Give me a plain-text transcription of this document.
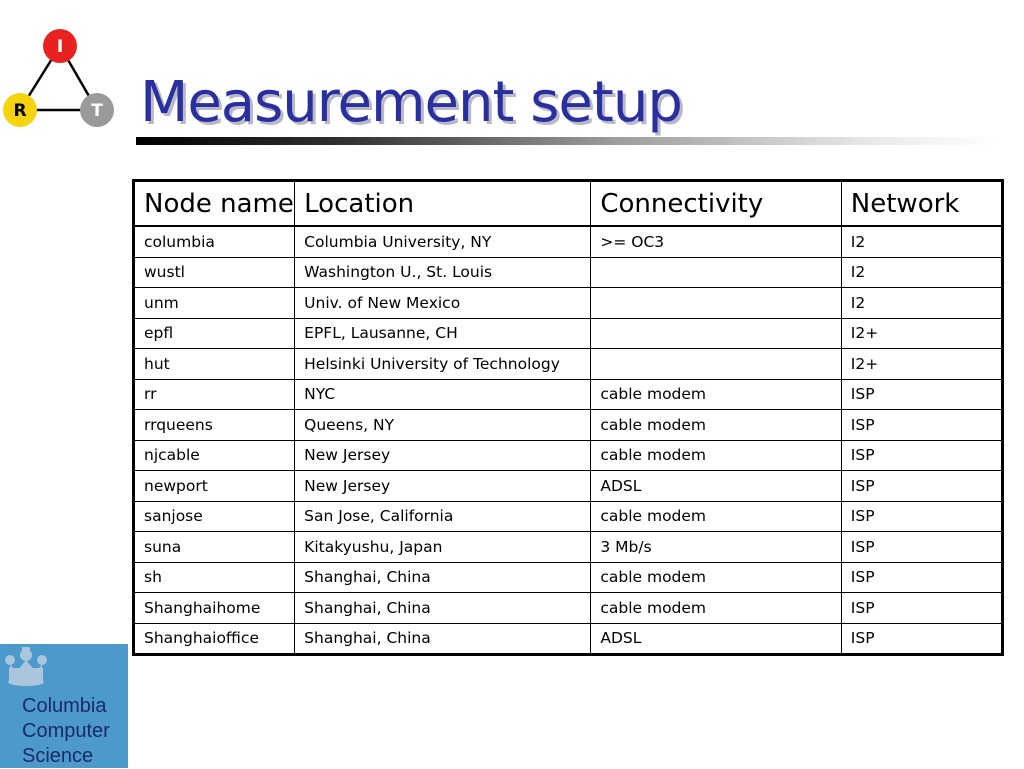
I
R	T Measurement setup
Node name	Location	Connectivity	Network
columbia	Columbia University, NY	>= OC3	I2
wustl	Washington U., St. Louis		I2
unm	Univ. of New Mexico		I2
epfl	EPFL, Lausanne, CH		I2+
hut	Helsinki University of Technology		I2+
rr	NYC	cable modem	ISP
rrqueens	Queens, NY	cable modem	ISP
njcable	New Jersey	cable modem	ISP
newport	New Jersey	ADSL	ISP
sanjose	San Jose, California	cable modem	ISP
suna	Kitakyushu, Japan	3 Mb/s	ISP
sh	Shanghai, China	cable modem	ISP
Shanghaihome	Shanghai, China	cable modem	ISP
Shanghaioffice	Shanghai, China	ADSL	ISP
Columbia
Computer
Science
